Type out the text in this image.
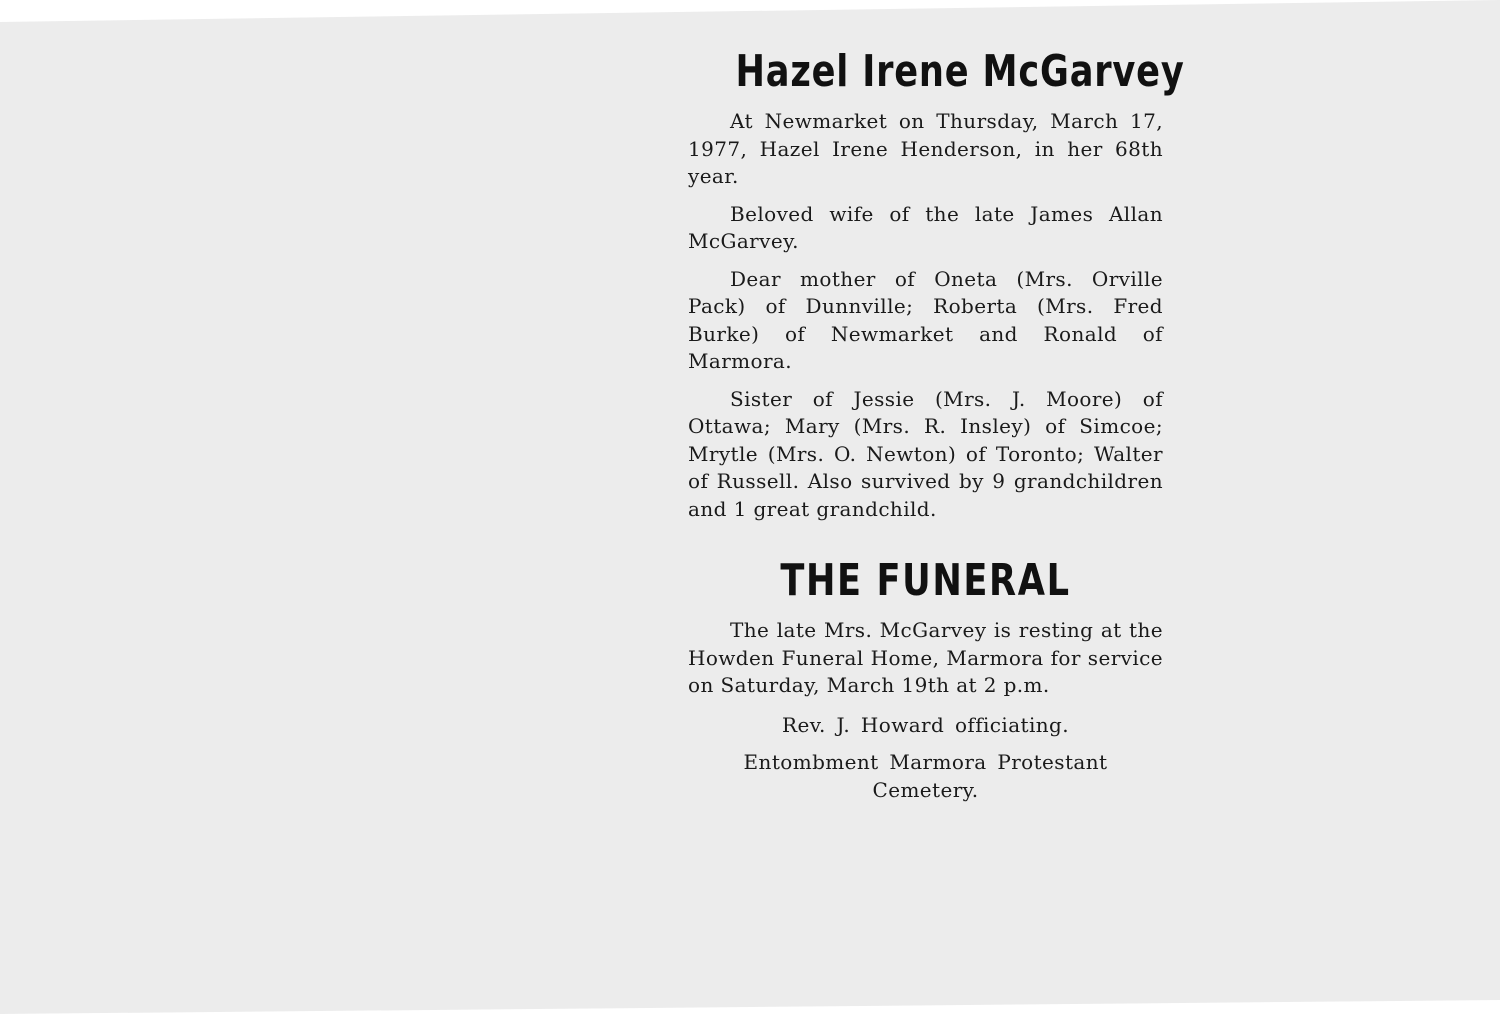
Hazel Irene McGarvey

At Newmarket on Thursday, March 17, 1977, Hazel Irene Henderson, in her 68th year.

Beloved wife of the late James Allan McGarvey.

Dear mother of Oneta (Mrs. Orville Pack) of Dunnville; Roberta (Mrs. Fred Burke) of Newmarket and Ronald of Marmora.

Sister of Jessie (Mrs. J. Moore) of Ottawa; Mary (Mrs. R. Insley) of Simcoe; Mrytle (Mrs. O. Newton) of Toronto; Walter of Russell. Also survived by 9 grandchildren and 1 great grandchild.

THE FUNERAL

The late Mrs. McGarvey is resting at the Howden Funeral Home, Marmora for service on Saturday, March 19th at 2 p.m.

Rev. J. Howard officiating.

Entombment Marmora Protestant Cemetery.
